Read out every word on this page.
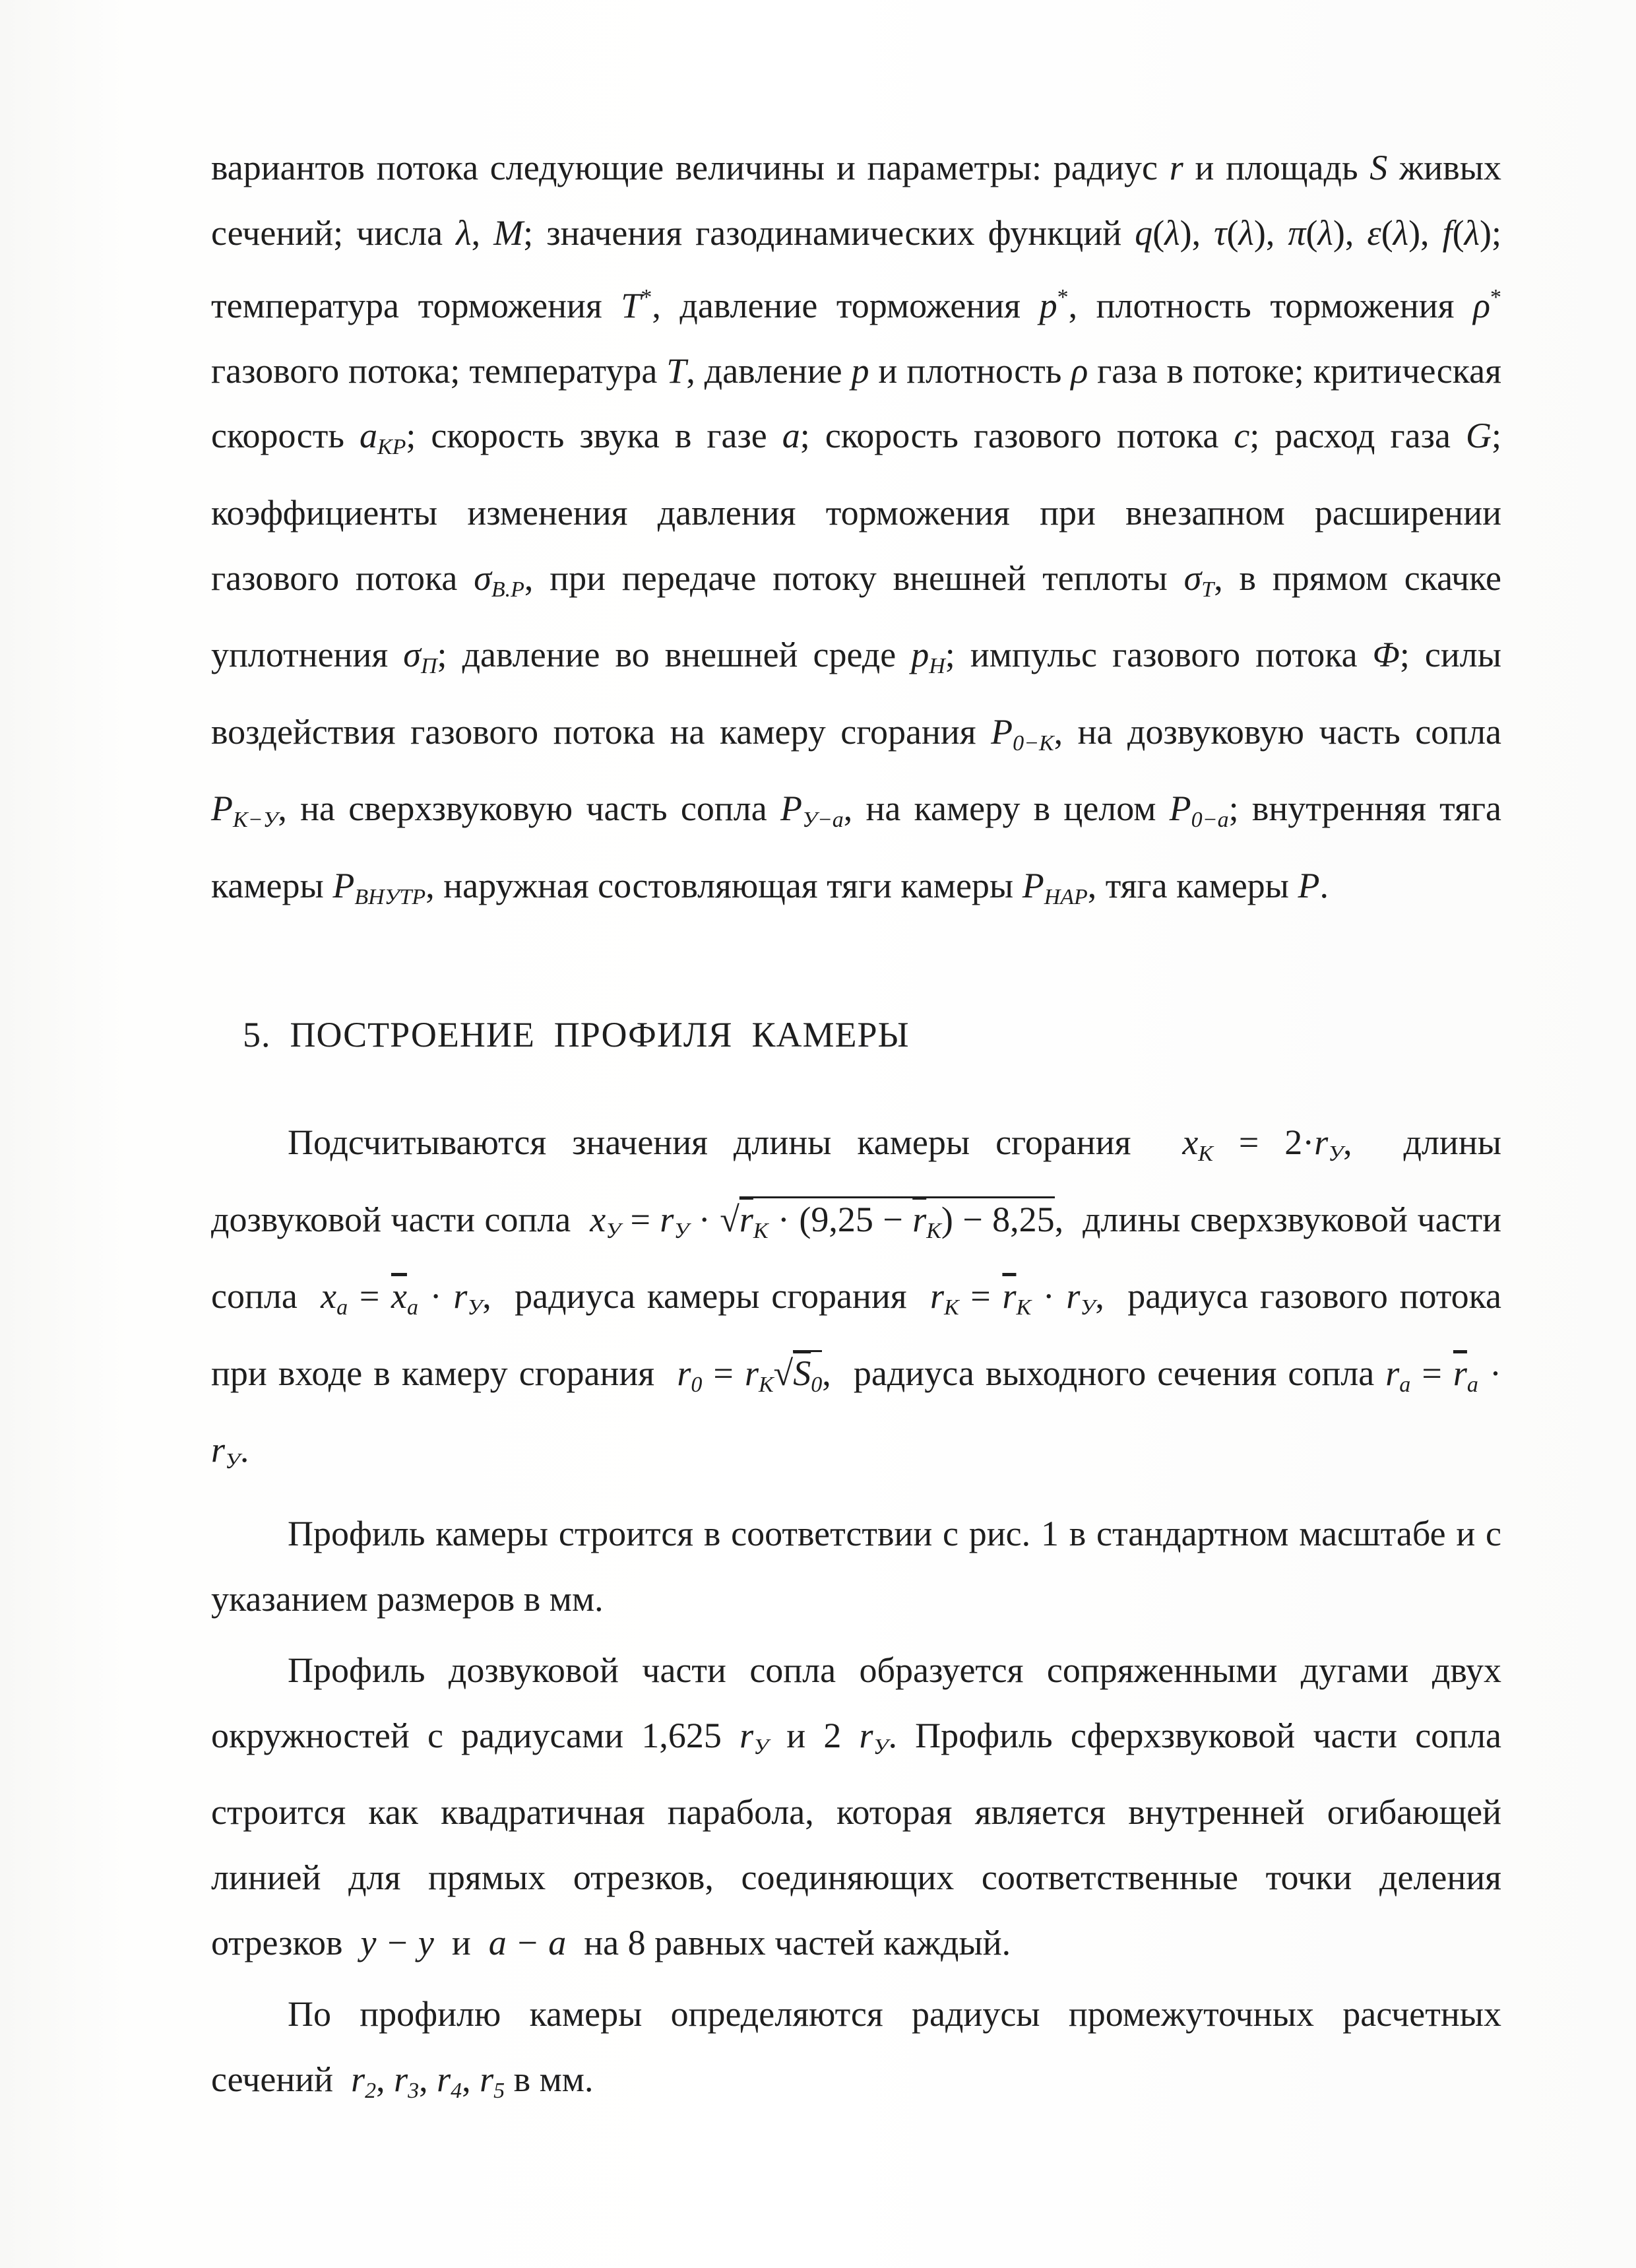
вариантов потока следующие величины и параметры: радиус r и площадь S живых сечений; числа λ, M; значения газодинамических функций q(λ), τ(λ), π(λ), ε(λ), f(λ); температура торможения T*, давление торможения p*, плотность торможения ρ* газового потока; температура T, давление p и плотность ρ газа в потоке; критическая скорость $a_{КР}$; скорость звука в газе a; скорость газового потока c; расход газа G; коэффициенты изменения давления торможения при внезапном расширении газового потока $\sigma_{В.Р}$, при передаче потоку внешней теплоты $\sigma_Т$, в прямом скачке уплотнения $\sigma_П$; давление во внешней среде $p_Н$; импульс газового потока Φ; силы воздействия газового потока на камеру сгорания $P_{0-К}$, на дозвуковую часть сопла $P_{К-У}$, на сверхзвуковую часть сопла $P_{У-а}$, на камеру в целом $P_{0-а}$; внутренняя тяга камеры $P_{ВНУТР}$, наружная состовляющая тяги камеры $P_{НАР}$, тяга камеры P.

5.  ПОСТРОЕНИЕ  ПРОФИЛЯ  КАМЕРЫ

Подсчитываются значения длины камеры сгорания  $x_К = 2\cdot r_У$,  длины дозвуковой части сопла  $x_У = r_У \cdot √r_К \cdot (9,25 - \overline{r}_К) - 8,25$,  длины сверхзвуковой части сопла  $x_а = \overline{x}_а \cdot r_У$,  радиуса камеры сгорания  $r_К = \overline{r}_К \cdot r_У$,  радиуса газового потока при входе в камеру сгорания  $r_0 = r_К√S_0$,  радиуса выходного сечения сопла $r_а = \overline{r}_а \cdot r_У$.

Профиль камеры строится в соответствии с рис. 1 в стандартном масштабе и с указанием размеров в мм.

Профиль дозвуковой части сопла образуется сопряженными дугами двух окружностей с радиусами 1,625 $r_У$ и 2 $r_У$. Профиль сферхзвуковой части сопла строится как квадратичная парабола, которая является внутренней огибающей линией для прямых отрезков, соединяющих соответственные точки деления отрезков  у − у  и  а − а  на 8 равных частей каждый.

По профилю камеры определяются радиусы промежуточных расчетных сечений  $r_2$, $r_3$, $r_4$, $r_5$ в мм.
